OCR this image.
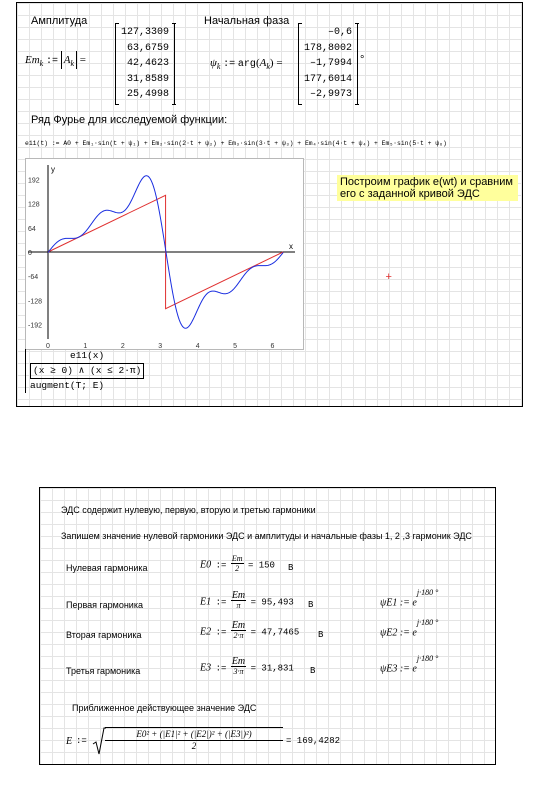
Амплитуда	Начальная фаза
$Em_k$ := $A_k$ =
127,3309
63,6759
42,4623
31,8589
25,4998
$\psi_k$ := $arg(A_k)$ =
–0,6
178,8002
–1,7994
177,6014
–2,9973
°
Ряд Фурье для исследуемой функции:
e11(t) := A0 + Em₁·sin(t + ψ₁) + Em₂·sin(2·t + ψ₂) + Em₃·sin(3·t + ψ₃) + Em₄·sin(4·t + ψ₄) + Em₅·sin(5·t + ψ₆)
192
128
64
0
-64
-128
-192
0	1	2	3	4	5	6
x
y
e11(x)
(x ≥ 0) ∧ (x ≤ 2·π)
augment(T; E)
Построим график e(wt) и сравним
его с заданной кривой ЭДС
ЭДС содержит нулевую, первую, вторую и третью гармоники
Запишем значение нулевой гармоники ЭДС и амплитуды и начальные фазы 1, 2 ,3 гармоник ЭДС
Нулевая гармоника	E0 := $\frac{Em}{2} = 150$ B
Первая гармоника	E1 := $\frac{Em}{\pi} = 95,493$ B	ψE1 := $e^{j\cdot 180 ^\circ}$
Вторая гармоника	E2 := $\frac{Em}{2\cdot\pi} = 47,7465$ B	ψE2 := $e^{j\cdot 180 ^\circ}$
Третья гармоника	E3 := $\frac{Em}{3\cdot\pi} = 31,831$ B	ψE3 := $e^{j\cdot 180 ^\circ}$
Приближенное действующее значение ЭДС
E := $\frac{\text{E0² + (|E1|² + (|E2|)² + (|E3|)²)}}{2} = 169,4282$
+
